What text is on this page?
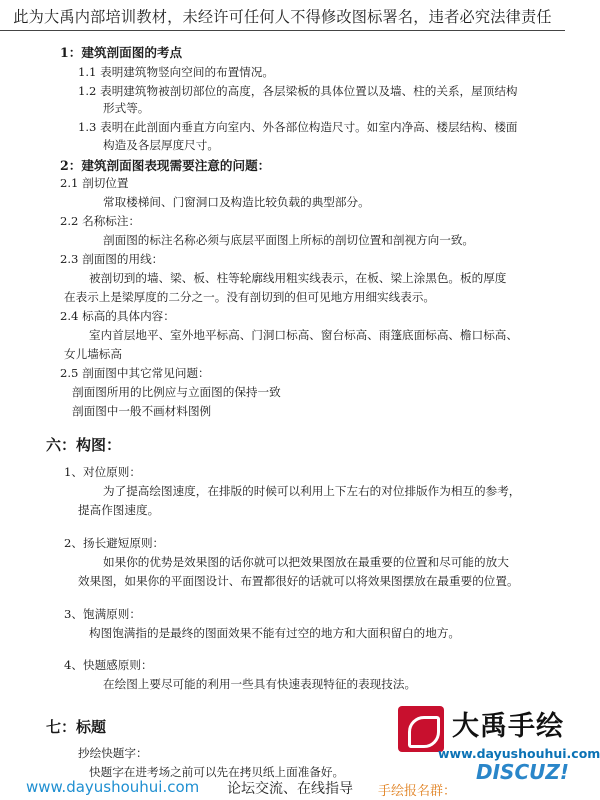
此为大禹内部培训教材，未经许可任何人不得修改图标署名，违者必究法律责任
1：建筑剖面图的考点
1.1 表明建筑物竖向空间的布置情况。
1.2 表明建筑物被剖切部位的高度，各层梁板的具体位置以及墙、柱的关系，屋顶结构
形式等。
1.3 表明在此剖面内垂直方向室内、外各部位构造尺寸。如室内净高、楼层结构、楼面
构造及各层厚度尺寸。
2：建筑剖面图表现需要注意的问题：
2.1 剖切位置
常取楼梯间、门窗洞口及构造比较负载的典型部分。
2.2 名称标注：
剖面图的标注名称必须与底层平面图上所标的剖切位置和剖视方向一致。
2.3 剖面图的用线：
被剖切到的墙、梁、板、柱等轮廓线用粗实线表示，在板、梁上涂黑色。板的厚度
在表示上是梁厚度的二分之一。没有剖切到的但可见地方用细实线表示。
2.4 标高的具体内容：
室内首层地平、室外地平标高、门洞口标高、窗台标高、雨篷底面标高、檐口标高、
女儿墙标高
2.5 剖面图中其它常见问题：
剖面图所用的比例应与立面图的保持一致
剖面图中一般不画材料图例
六：构图：
1、对位原则：
为了提高绘图速度，在排版的时候可以利用上下左右的对位排版作为相互的参考，
提高作图速度。
2、扬长避短原则：
如果你的优势是效果图的话你就可以把效果图放在最重要的位置和尽可能的放大
效果图，如果你的平面图设计、布置都很好的话就可以将效果图摆放在最重要的位置。
3、饱满原则：
构图饱满指的是最终的图面效果不能有过空的地方和大面积留白的地方。
4、快题感原则：
在绘图上要尽可能的利用一些具有快速表现特征的表现技法。
七：标题
抄绘快题字：
快题字在进考场之前可以先在拷贝纸上面准备好。
大禹手绘
www.dayushouhui.com
DISCUZ!
www.dayushouhui.com 论坛交流、在线指导 手绘报名群：
